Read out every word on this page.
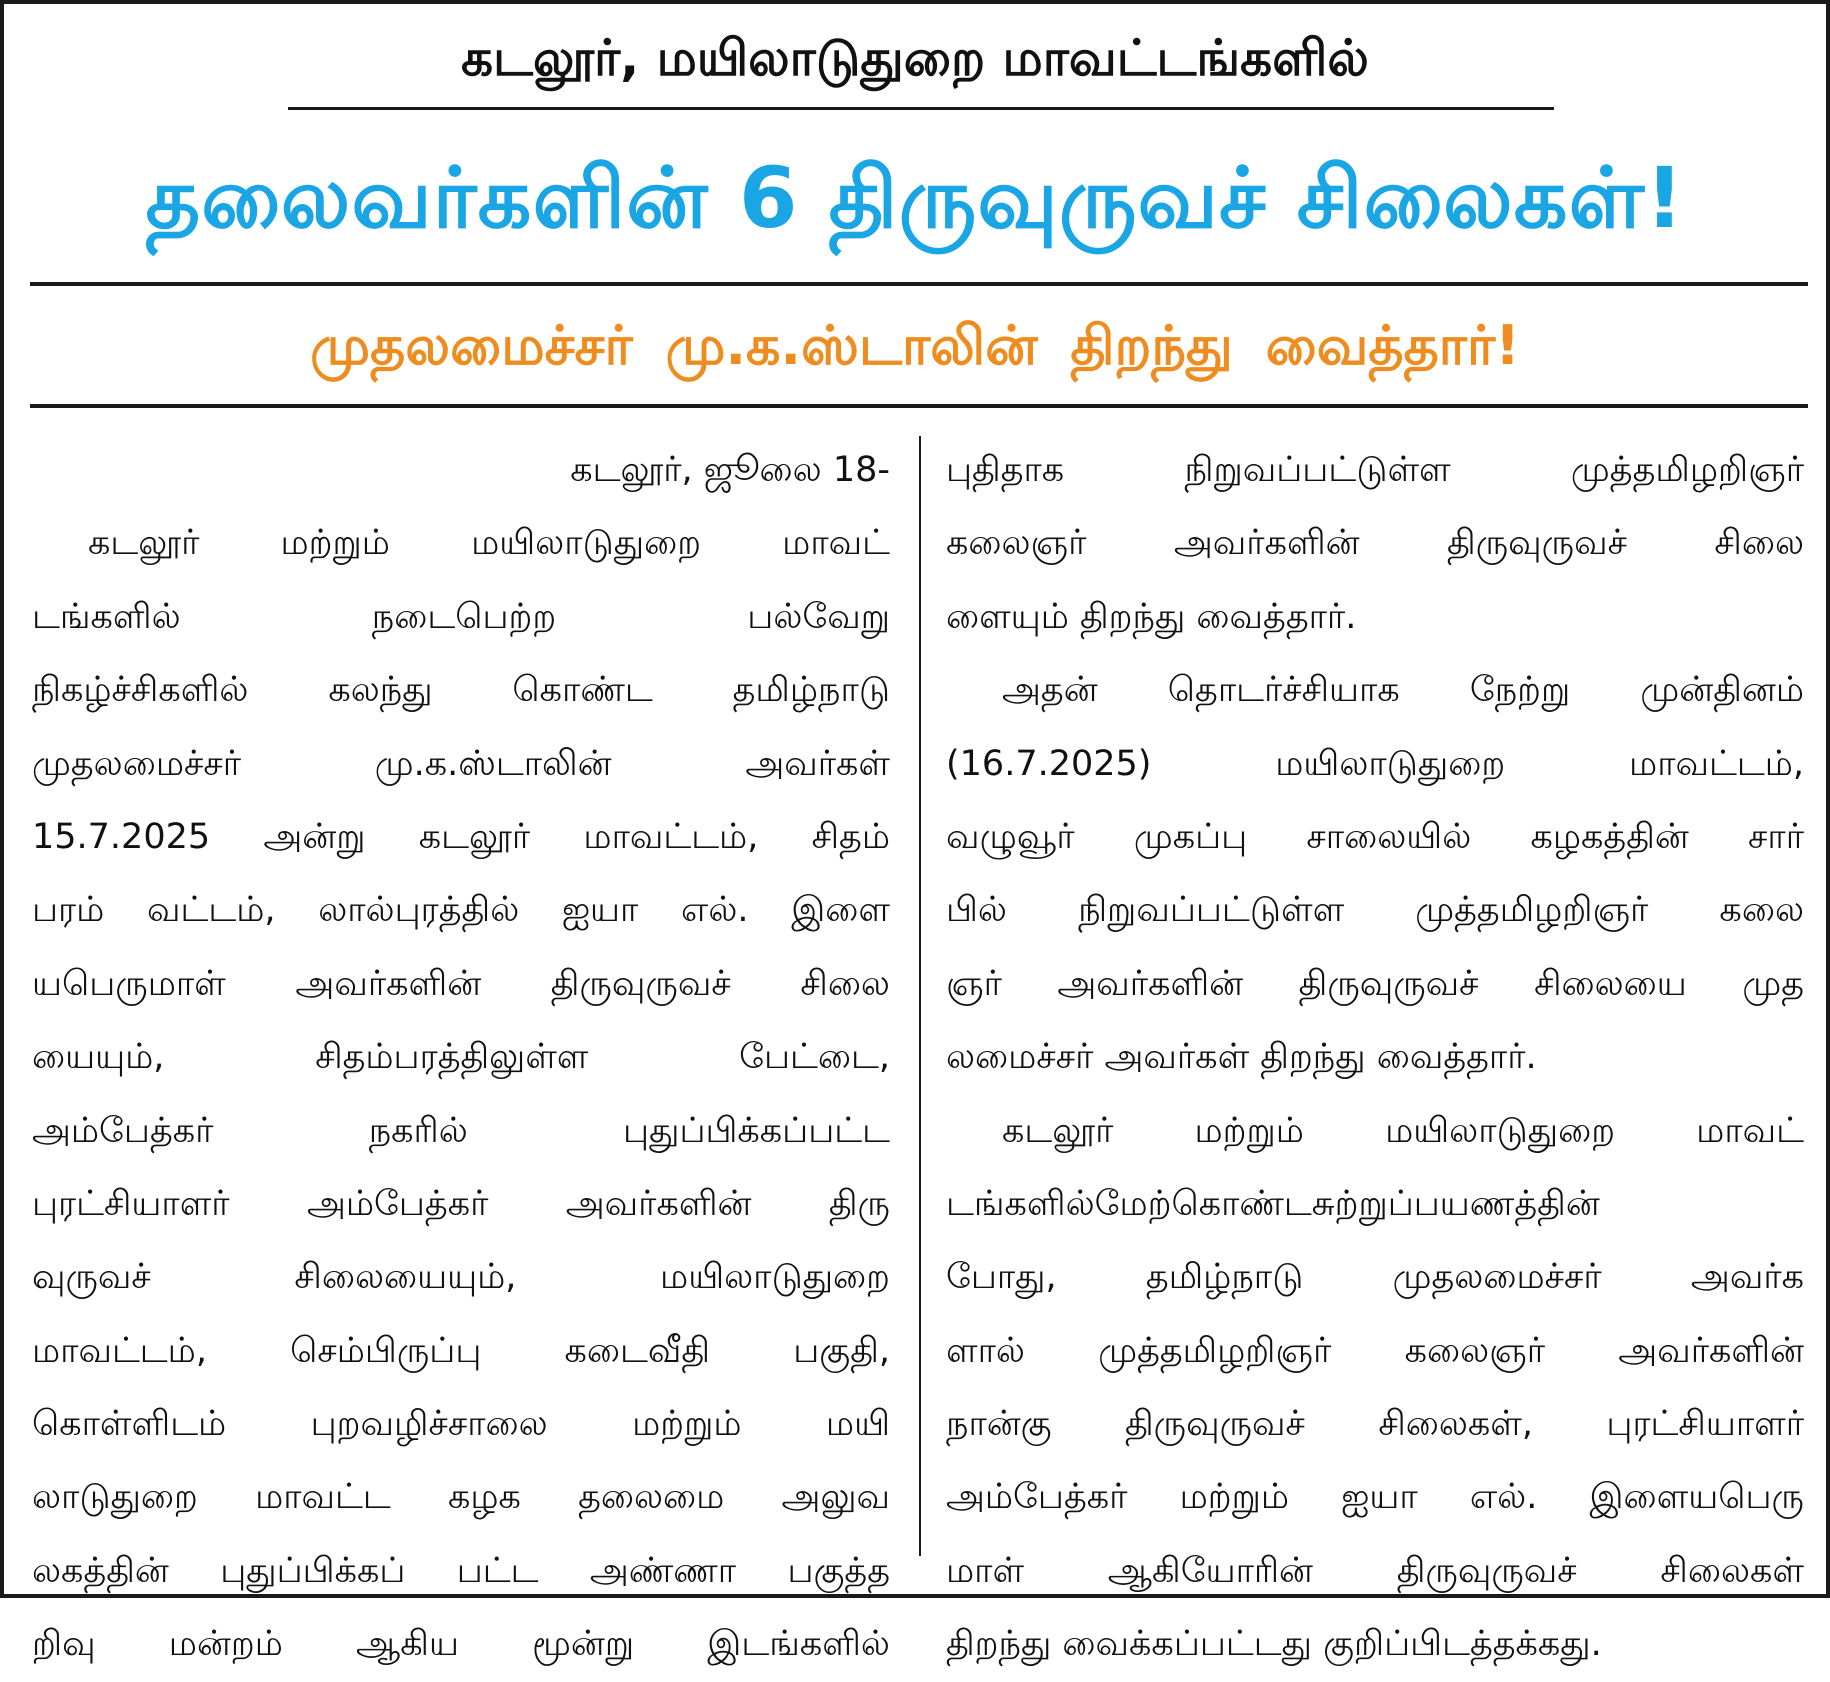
கடலூர், மயிலாடுதுறை மாவட்டங்களில்
தலைவர்களின் 6 திருவுருவச் சிலைகள்!
முதலமைச்சர் மு.க.ஸ்டாலின் திறந்து வைத்தார்!
கடலூர், ஜூலை 18-
கடலூர் மற்றும் மயிலாடுதுறை மாவட்
டங்களில் நடைபெற்ற பல்வேறு
நிகழ்ச்சிகளில் கலந்து கொண்ட தமிழ்நாடு
முதலமைச்சர் மு.க.ஸ்டாலின் அவர்கள்
15.7.2025 அன்று கடலூர் மாவட்டம், சிதம்
பரம் வட்டம், லால்புரத்தில் ஐயா எல். இளை
யபெருமாள் அவர்களின் திருவுருவச் சிலை
யையும், சிதம்பரத்திலுள்ள பேட்டை,
அம்பேத்கர் நகரில் புதுப்பிக்கப்பட்ட
புரட்சியாளர் அம்பேத்கர் அவர்களின் திரு
வுருவச் சிலையையும், மயிலாடுதுறை
மாவட்டம், செம்பிருப்பு கடைவீதி பகுதி,
கொள்ளிடம் புறவழிச்சாலை மற்றும் மயி
லாடுதுறை மாவட்ட கழக தலைமை அலுவ
லகத்தின் புதுப்பிக்கப் பட்ட அண்ணா பகுத்த
றிவு மன்றம் ஆகிய மூன்று இடங்களில்
புதிதாக நிறுவப்பட்டுள்ள முத்தமிழறிஞர்
கலைஞர் அவர்களின் திருவுருவச் சிலை
ளையும் திறந்து வைத்தார்.
அதன் தொடர்ச்சியாக நேற்று முன்தினம்
(16.7.2025) மயிலாடுதுறை மாவட்டம்,
வழுவூர் முகப்பு சாலையில் கழகத்தின் சார்
பில் நிறுவப்பட்டுள்ள முத்தமிழறிஞர் கலை
ஞர் அவர்களின் திருவுருவச் சிலையை முத
லமைச்சர் அவர்கள் திறந்து வைத்தார்.
கடலூர் மற்றும் மயிலாடுதுறை மாவட்
டங்களில்மேற்கொண்டசுற்றுப்பயணத்தின்
போது, தமிழ்நாடு முதலமைச்சர் அவர்க
ளால் முத்தமிழறிஞர் கலைஞர் அவர்களின்
நான்கு திருவுருவச் சிலைகள், புரட்சியாளர்
அம்பேத்கர் மற்றும் ஐயா எல். இளையபெரு
மாள் ஆகியோரின் திருவுருவச் சிலைகள்
திறந்து வைக்கப்பட்டது குறிப்பிடத்தக்கது.
